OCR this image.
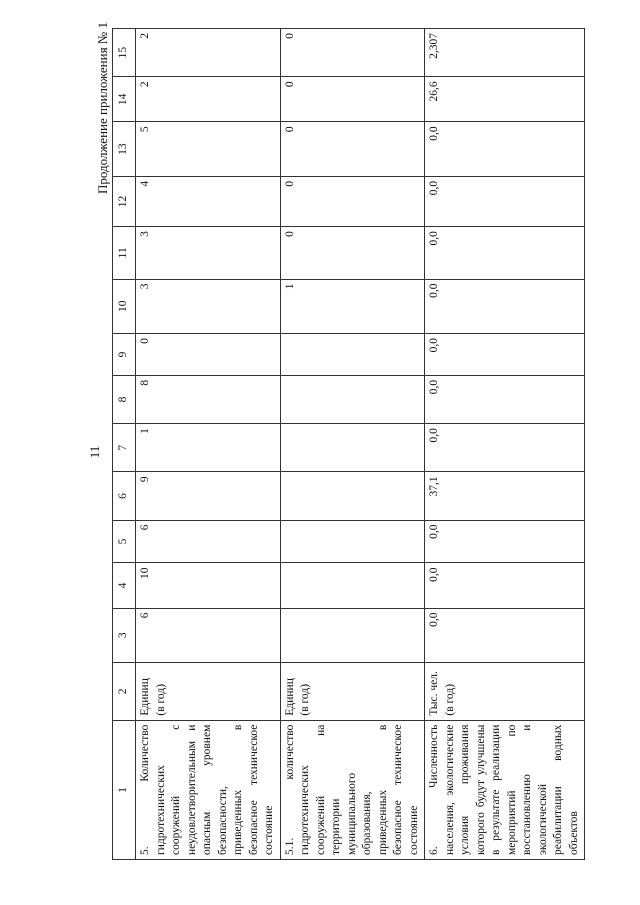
11
Продолжение приложения № 1
1	2	3	4	5	6	7	8	9	10	11	12	13	14	15
5. Количество гидротехнических сооружений с неудовлетворительным и опасным уровнем безопасности, приведенных в безопасное техническое состояние	Единиц (в год)	6	10	6	9	1	8	0	3	3	4	5	2	2
5.1. количество гидротехнических сооружений на территории муниципального образования, приведенных в безопасное техническое состояние	Единиц (в год)								1	0	0	0	0	0
6. Численность населения, экологические условия проживания которого будут улучшены в результате реализации мероприятий по восстановлению и экологической реабилитации водных объектов	Тыс. чел. (в год)	0,0	0,0	0,0	37,1	0,0	0,0	0,0	0,0	0,0	0,0	0,0	26,6	2,307
